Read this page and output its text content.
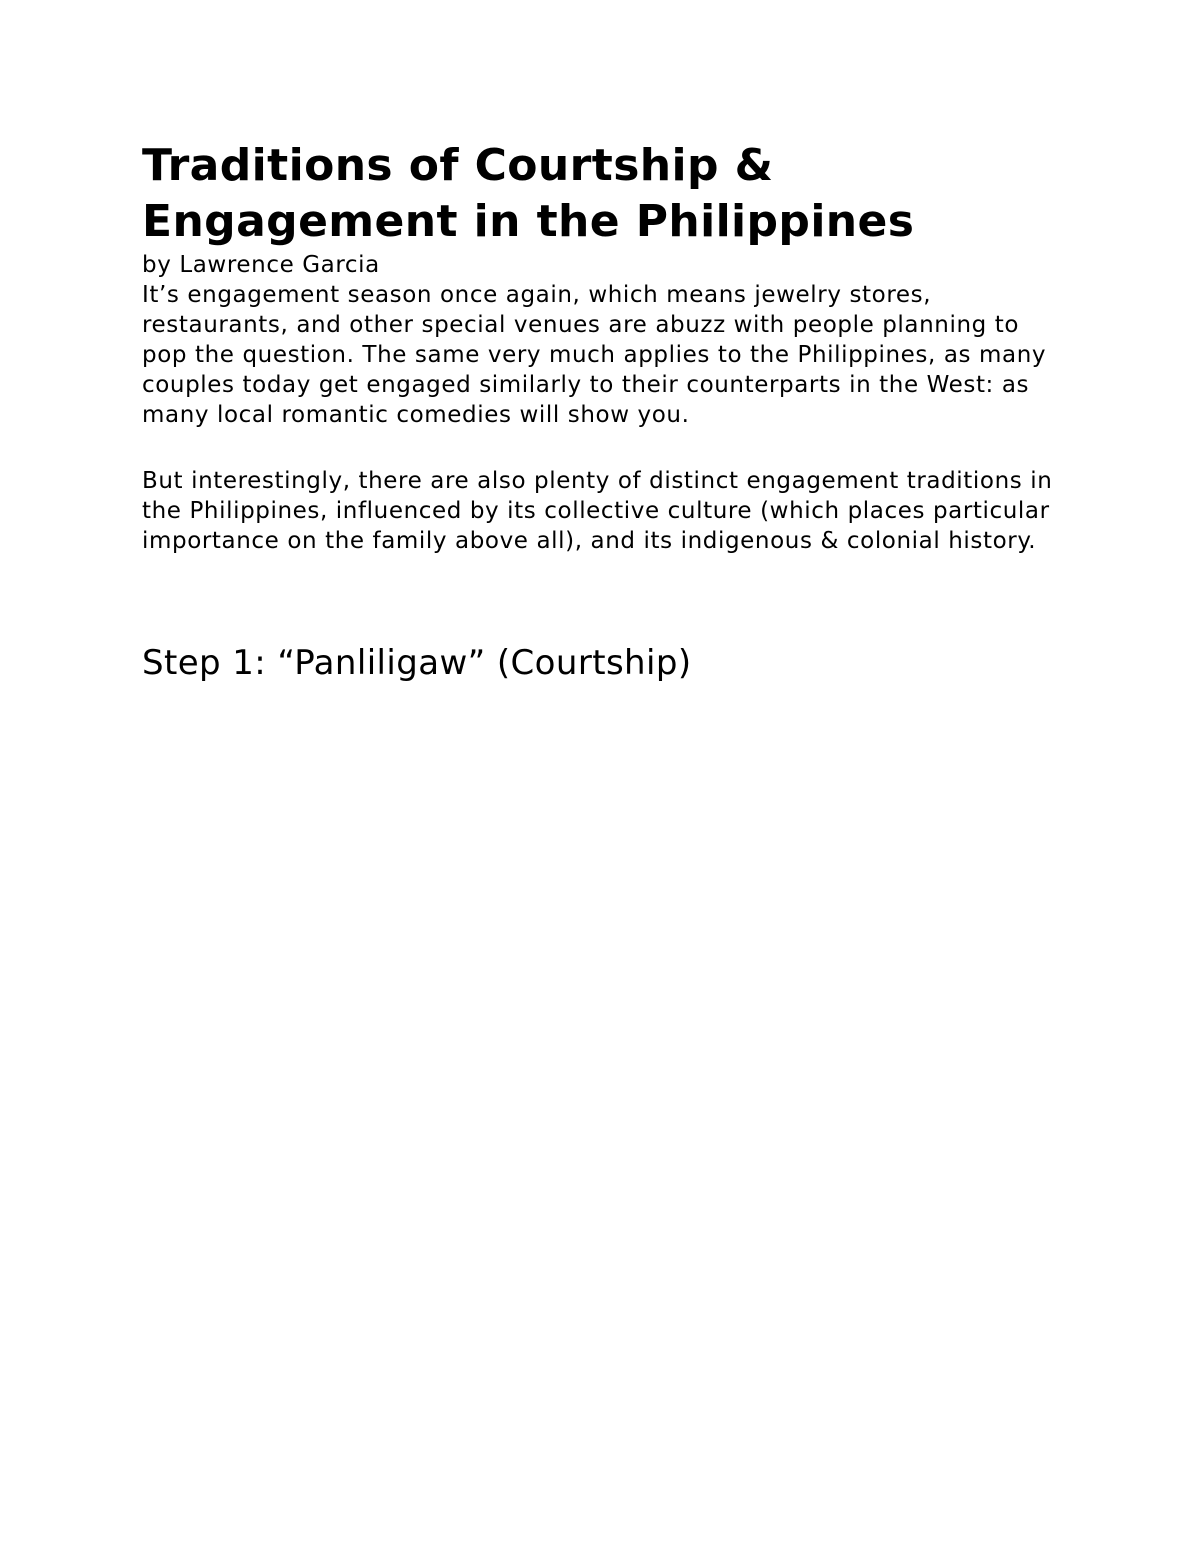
Traditions of Courtship & Engagement in the Philippines

by Lawrence Garcia

It’s engagement season once again, which means jewelry stores, restaurants, and other special venues are abuzz with people planning to pop the question. The same very much applies to the Philippines, as many couples today get engaged similarly to their counterparts in the West: as many local romantic comedies will show you.

But interestingly, there are also plenty of distinct engagement traditions in the Philippines, influenced by its collective culture (which places particular importance on the family above all), and its indigenous & colonial history.

Step 1: “Panliligaw” (Courtship)
